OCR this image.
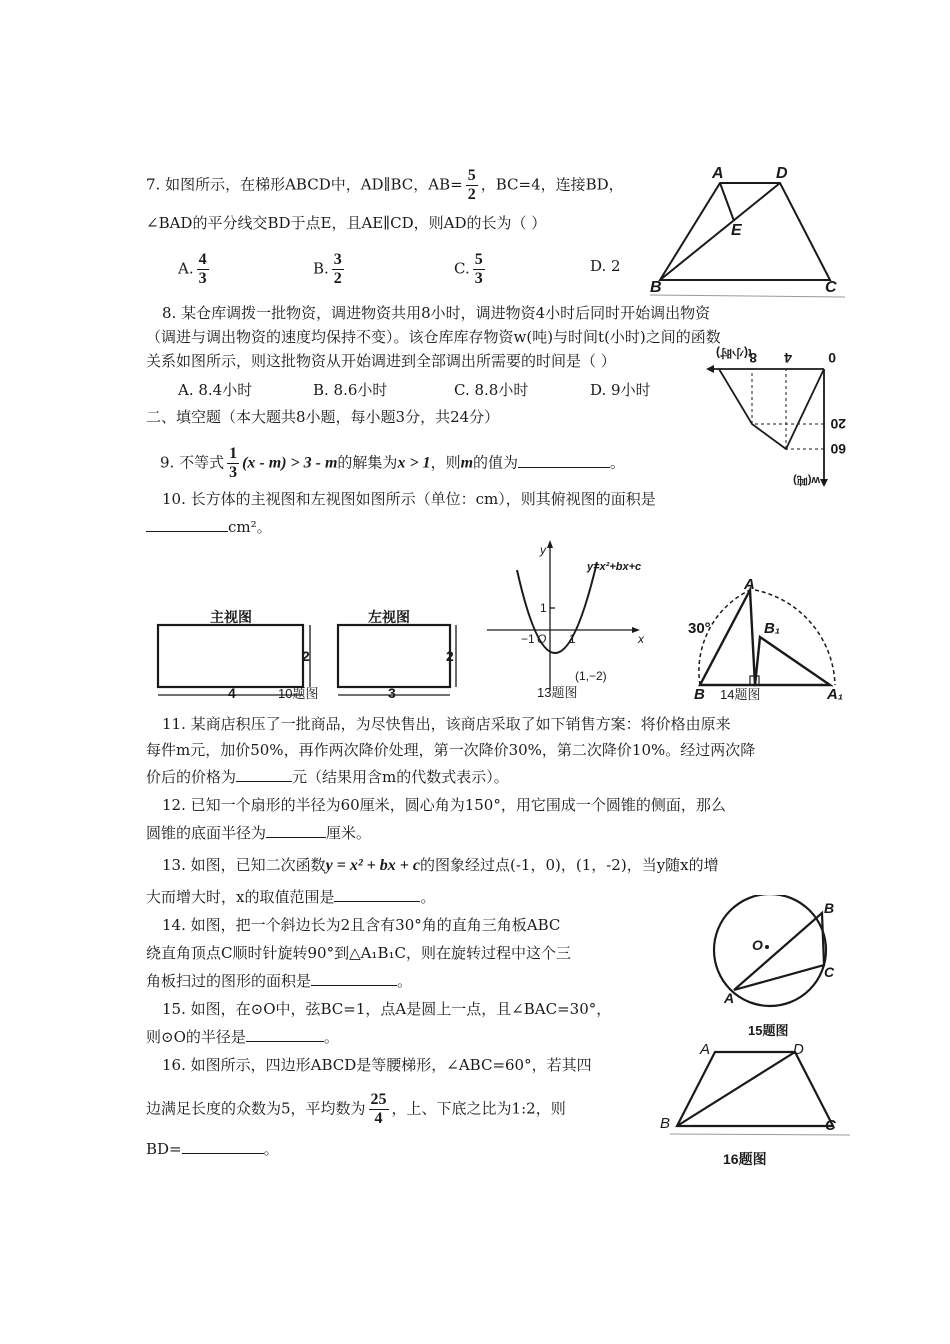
7. 如图所示，在梯形ABCD中，AD∥BC，$AB= \frac{5}{2}$ ，BC=4，连接BD，
∠BAD的平分线交BD于点E，且AE∥CD，则AD的长为（ ）
A. $\frac{4}{3}$	B. $\frac{3}{2}$	C. $\frac{5}{3}$	D. 2
A	D
E
B	C
8. 某仓库调拨一批物资，调进物资共用8小时，调进物资4小时后同时开始调出物资
（调进与调出物资的速度均保持不变）。该仓库库存物资w(吨)与时间t(小时)之间的函数
关系如图所示，则这批物资从开始调进到全部调出所需要的时间是（ ）
A. 8.4小时	B. 8.6小时	C. 8.8小时	D. 9小时
0
4
8
60
20
t(小时)
w(吨)
二、填空题（本大题共8小题，每小题3分，共24分）
9. 不等式 $\frac{1}{3} (x - m) > 3 - m$的解集为x > 1，则m的值为	。
10. 长方体的主视图和左视图如图所示（单位：cm），则其俯视图的面积是
cm²。
主视图	左视图
4
2
3
2
10题图
y
x
y=x²+bx+c
O
−1	1
1
(1,−2)
13题图
30°
A
B₁
B	A₁
14题图
11. 某商店积压了一批商品，为尽快售出，该商店采取了如下销售方案：将价格由原来
每件m元，加价50%，再作两次降价处理，第一次降价30%，第二次降价10%。经过两次降
价后的价格为	元（结果用含m的代数式表示）。
12. 已知一个扇形的半径为60厘米，圆心角为150°，用它围成一个圆锥的侧面，那么
圆锥的底面半径为	厘米。
13. 如图，已知二次函数y = x² + bx + c的图象经过点(-1，0)，(1，-2)，当y随x的增
大而增大时，x的取值范围是	。
14. 如图，把一个斜边长为2且含有30°角的直角三角板ABC
绕直角顶点C顺时针旋转90°到△A₁B₁C，则在旋转过程中这个三
角板扫过的图形的面积是	。
15. 如图，在⊙O中，弦BC=1，点A是圆上一点，且∠BAC=30°，
则⊙O的半径是	。
O
A
B
C
15题图
16. 如图所示，四边形ABCD是等腰梯形，∠ABC=60°，若其四
边满足长度的众数为5，平均数为 $\frac{25}{4}$ ，上、下底之比为1:2，则
BD=	。
A	D
B	C
16题图
